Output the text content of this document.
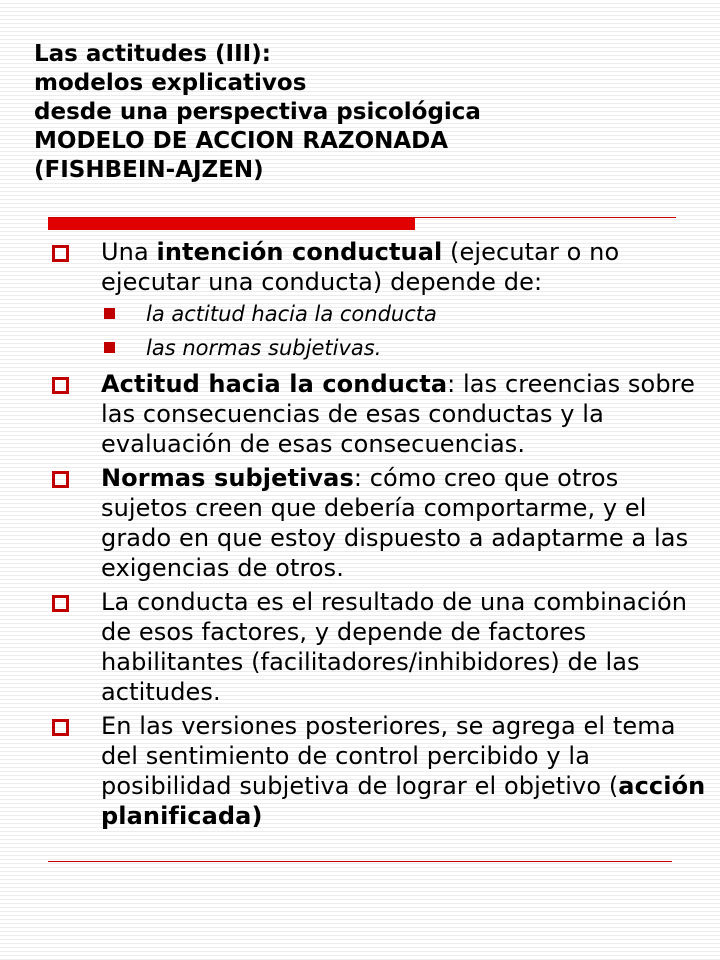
Las actitudes (III):
modelos explicativos
desde una perspectiva psicológica
MODELO DE ACCION RAZONADA
(FISHBEIN-AJZEN)
Una intención conductual (ejecutar o no ejecutar una conducta) depende de:
la actitud hacia la conducta
las normas subjetivas.
Actitud hacia la conducta: las creencias sobre las consecuencias de esas conductas y la evaluación de esas consecuencias.
Normas subjetivas: cómo creo que otros sujetos creen que debería comportarme, y el grado en que estoy dispuesto a adaptarme a las exigencias de otros.
La conducta es el resultado de una combinación de esos factores, y depende de factores habilitantes (facilitadores/inhibidores) de las actitudes.
En las versiones posteriores, se agrega el tema del sentimiento de control percibido y la posibilidad subjetiva de lograr el objetivo (acción planificada)
